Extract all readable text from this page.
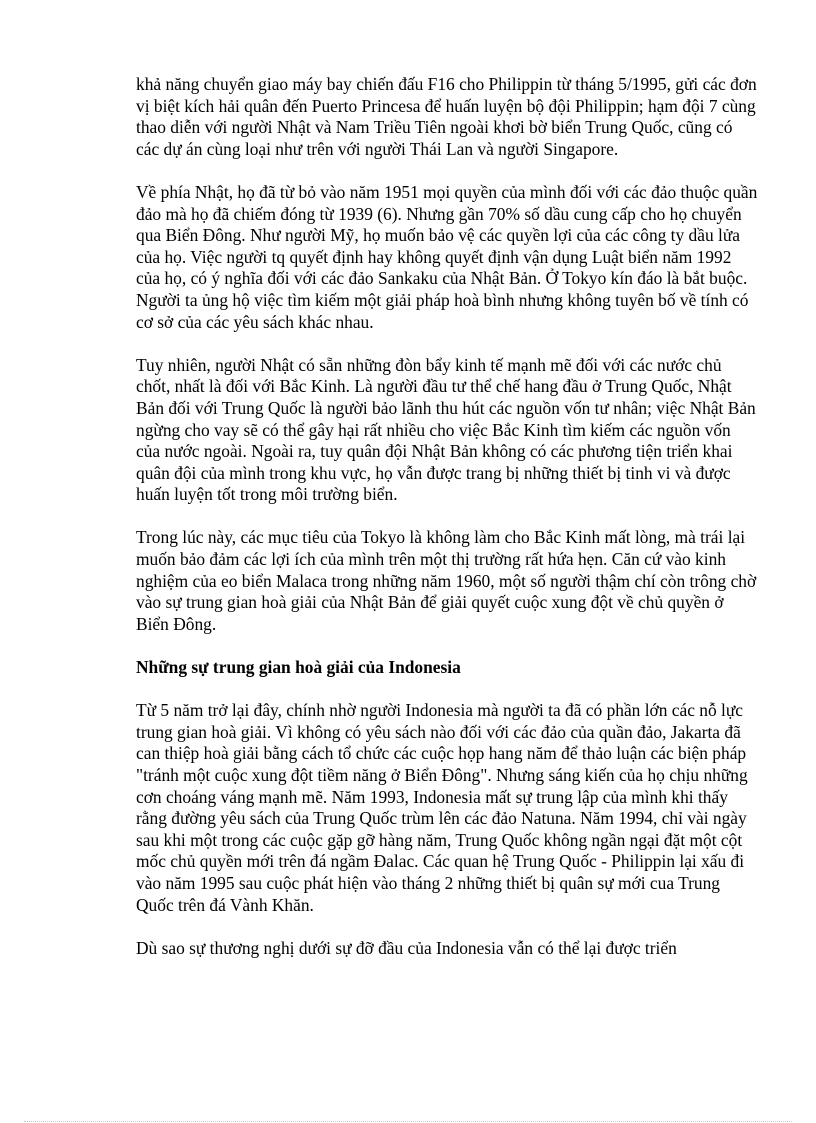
khả năng chuyển giao máy bay chiến đấu F16 cho Philippin từ tháng 5/1995, gửi các đơn vị biệt kích hải quân đến Puerto Princesa để huấn luyện bộ đội Philippin; hạm đội 7 cùng thao diễn với người Nhật và Nam Triều Tiên ngoài khơi bờ biển Trung Quốc, cũng có các dự án cùng loại như trên với người Thái Lan và người Singapore.

Về phía Nhật, họ đã từ bỏ vào năm 1951 mọi quyền của mình đối với các đảo thuộc quần đảo mà họ đã chiếm đóng từ 1939 (6). Nhưng gần 70% số dầu cung cấp cho họ chuyển qua Biển Đông. Như người Mỹ, họ muốn bảo vệ các quyền lợi của các công ty dầu lửa của họ. Việc người tq quyết định hay không quyết định vận dụng Luật biển năm 1992 của họ, có ý nghĩa đối với các đảo Sankaku của Nhật Bản. Ở Tokyo kín đáo là bắt buộc. Người ta ủng hộ việc tìm kiếm một giải pháp hoà bình nhưng không tuyên bố về tính có cơ sở của các yêu sách khác nhau.

Tuy nhiên, người Nhật có sẵn những đòn bẩy kinh tế mạnh mẽ đối với các nước chủ chốt, nhất là đối với Bắc Kinh. Là người đầu tư thể chế hang đầu ở Trung Quốc, Nhật Bản đối với Trung Quốc là người bảo lãnh thu hút các nguồn vốn tư nhân; việc Nhật Bản ngừng cho vay sẽ có thể gây hại rất nhiều cho việc Bắc Kinh tìm kiếm các nguồn vốn của nước ngoài. Ngoài ra, tuy quân đội Nhật Bản không có các phương tiện triển khai quân đội của mình trong khu vực, họ vẫn được trang bị những thiết bị tinh vi và được huấn luyện tốt trong môi trường biển.

Trong lúc này, các mục tiêu của Tokyo là không làm cho Bắc Kinh mất lòng, mà trái lại muốn bảo đảm các lợi ích của mình trên một thị trường rất hứa hẹn. Căn cứ vào kinh nghiệm của eo biển Malaca trong những năm 1960, một số người thậm chí còn trông chờ vào sự trung gian hoà giải của Nhật Bản để giải quyết cuộc xung đột về chủ quyền ở Biển Đông.

Những sự trung gian hoà giải của Indonesia

Từ 5 năm trở lại đây, chính nhờ người Indonesia mà người ta đã có phần lớn các nỗ lực trung gian hoà giải. Vì không có yêu sách nào đối với các đảo của quần đảo, Jakarta đã can thiệp hoà giải bằng cách tổ chức các cuộc họp hang năm để thảo luận các biện pháp "tránh một cuộc xung đột tiềm năng ở Biển Đông". Nhưng sáng kiến của họ chịu những cơn choáng váng mạnh mẽ. Năm 1993, Indonesia mất sự trung lập của mình khi thấy rằng đường yêu sách của Trung Quốc trùm lên các đảo Natuna. Năm 1994, chỉ vài ngày sau khi một trong các cuộc gặp gỡ hàng năm, Trung Quốc không ngần ngại đặt một cột mốc chủ quyền mới trên đá ngầm Đalac. Các quan hệ Trung Quốc - Philippin lại xấu đi vào năm 1995 sau cuộc phát hiện vào tháng 2 những thiết bị quân sự mới cua Trung Quốc trên đá Vành Khăn.

Dù sao sự thương nghị dưới sự đỡ đầu của Indonesia vẫn có thể lại được triển
